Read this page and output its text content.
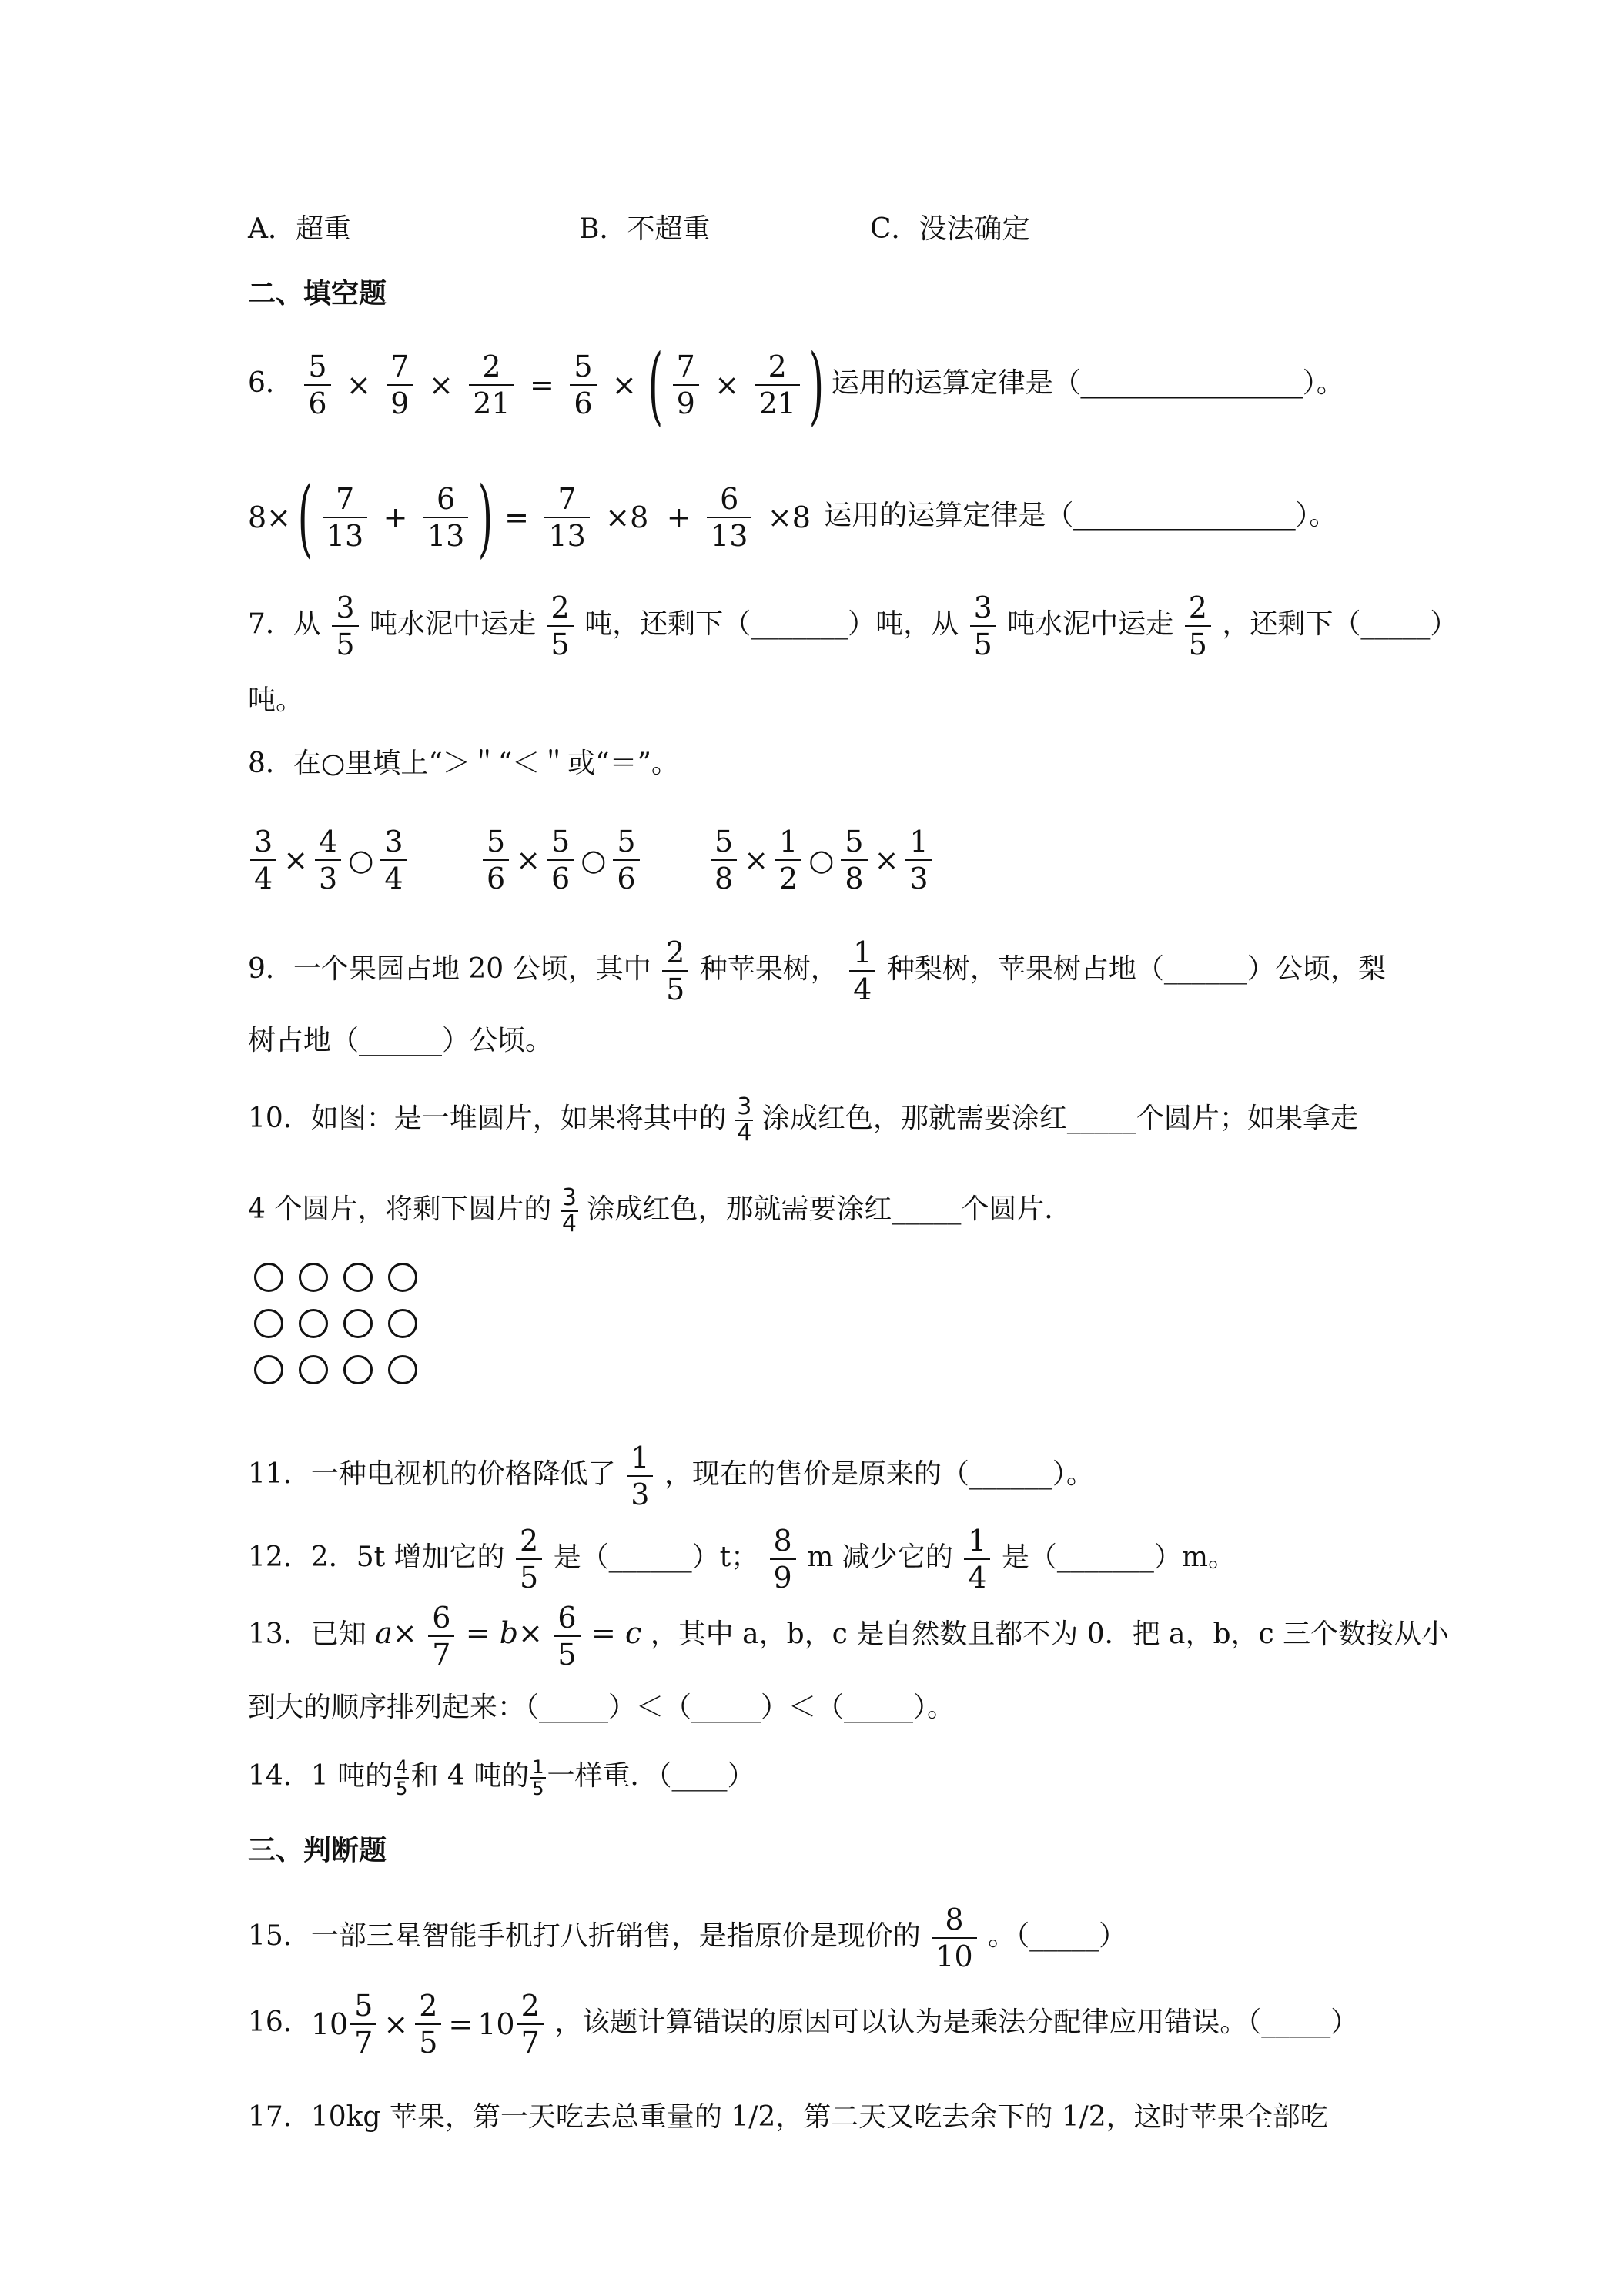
A．超重	B．不超重	C．没法确定
二、填空题
6． $\frac{5}{6} \times \frac{7}{9} \times \frac{2}{21} = \frac{5}{6}$ × ( $\frac{7}{9} \times \frac{2}{21}$ ) 运用的运算定律是（________________）。
8× ( $\frac{7}{13} + \frac{6}{13}$ ) = $\frac{7}{13} \times 8 + \frac{6}{13} \times 8$ 运用的运算定律是（________________）。
7．从 $\frac{3}{5}$ 吨水泥中运走 $\frac{2}{5}$ 吨，还剩下（_______）吨，从 $\frac{3}{5}$ 吨水泥中运走 $\frac{2}{5}$ ，还剩下（_____）
吨。
8．在○里填上“＞＂“＜＂或“＝”。
$\frac{3}{4} \times \frac{4}{3}$ ○ $\frac{3}{4}$	$\frac{5}{6} \times \frac{5}{6}$ ○ $\frac{5}{6} \frac{5}{8} \times \frac{1}{2}$ ○ $\frac{5}{8} \times \frac{1}{3}$
9．一个果园占地 20 公顷，其中 $\frac{2}{5}$ 种苹果树， $\frac{1}{4}$ 种梨树，苹果树占地（______）公顷，梨
树占地（______）公顷。
10．如图：是一堆圆片，如果将其中的 $\frac{3}{4}$ 涂成红色，那就需要涂红_____个圆片；如果拿走
4 个圆片，将剩下圆片的 $\frac{3}{4}$ 涂成红色，那就需要涂红_____个圆片．
11．一种电视机的价格降低了 $\frac{1}{3}$ ，现在的售价是原来的（______）。
12．2．5t 增加它的 $\frac{2}{5}$ 是（______）t； $\frac{8}{9}$ m 减少它的 $\frac{1}{4}$ 是（_______）m。
13．已知 $a\times \frac{6}{7} = b\times \frac{6}{5} = c$ ，其中 a，b，c 是自然数且都不为 0．把 a，b，c 三个数按从小
到大的顺序排列起来：（_____）＜（_____）＜（_____）。
14．1 吨的 $\frac{4}{5}$ 和 4 吨的 $\frac{1}{5}$ 一样重．（____）
三、判断题
15．一部三星智能手机打八折销售，是指原价是现价的 $\frac{8}{10}$ 。（_____）
16．$10 \frac{5}{7} \times \frac{2}{5} = 10 \frac{2}{7}$ ，该题计算错误的原因可以认为是乘法分配律应用错误。（_____）
17．10kg 苹果，第一天吃去总重量的 1/2，第二天又吃去余下的 1/2，这时苹果全部吃
